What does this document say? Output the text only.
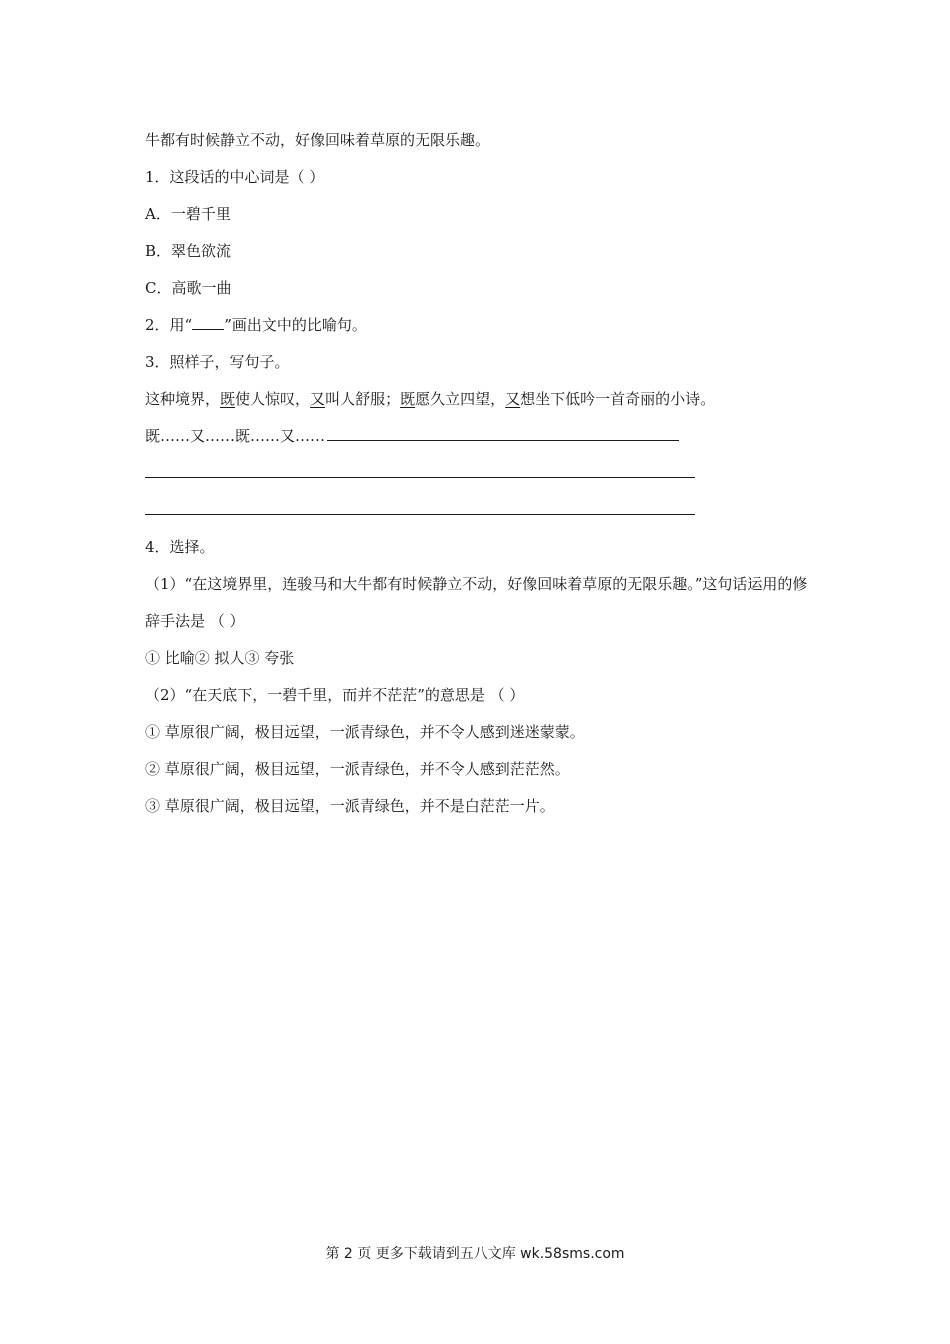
牛都有时候静立不动，好像回味着草原的无限乐趣。
1．这段话的中心词是（ ）
A．一碧千里
B．翠色欲流
C．高歌一曲
2．用“ ”画出文中的比喻句。
3．照样子，写句子。
这种境界，既使人惊叹，又叫人舒服；既愿久立四望，又想坐下低吟一首奇丽的小诗。
既……又……既……又……
4．选择。
（1）“在这境界里，连骏马和大牛都有时候静立不动，好像回味着草原的无限乐趣。”这句话运用的修
辞手法是 （ ）
① 比喻② 拟人③ 夸张
（2）“在天底下，一碧千里，而并不茫茫”的意思是 （ ）
① 草原很广阔，极目远望，一派青绿色，并不令人感到迷迷蒙蒙。
② 草原很广阔，极目远望，一派青绿色，并不令人感到茫茫然。
③ 草原很广阔，极目远望，一派青绿色，并不是白茫茫一片。
第 2 页 更多下载请到五八文库 wk.58sms.com
